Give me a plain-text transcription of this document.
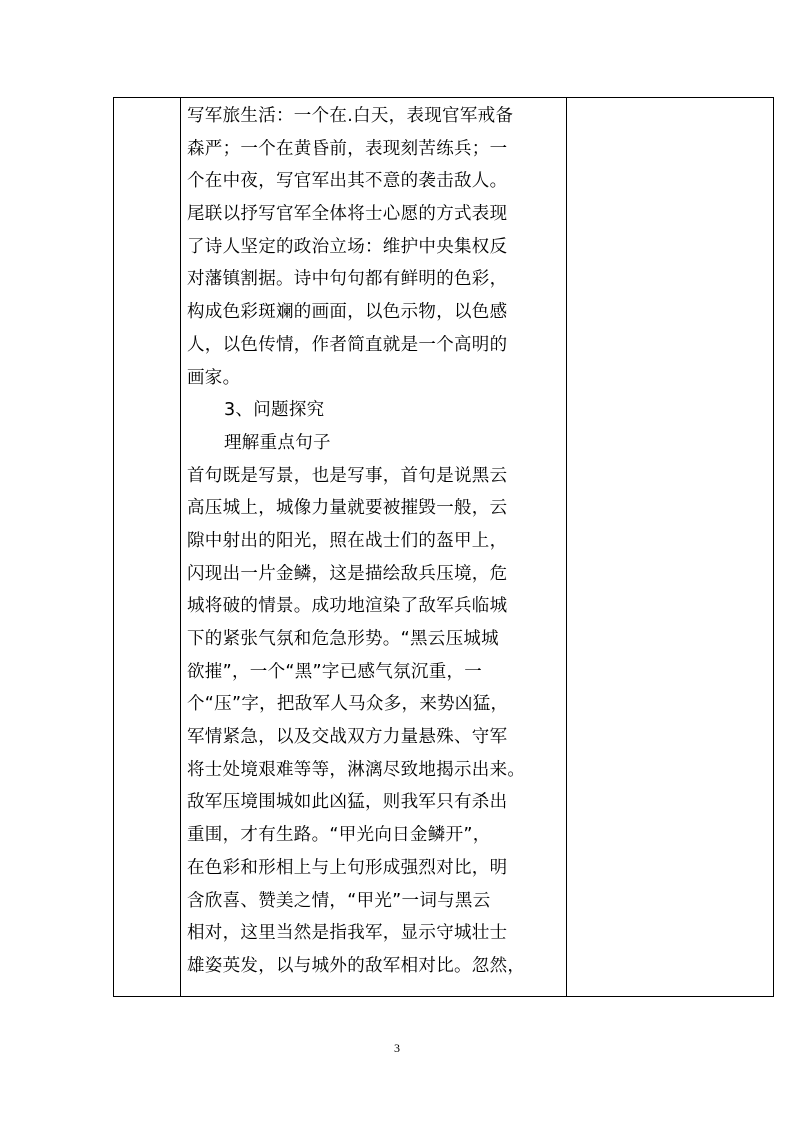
写军旅生活：一个在.白天，表现官军戒备
森严；一个在黄昏前，表现刻苦练兵；一
个在中夜，写官军出其不意的袭击敌人。
尾联以抒写官军全体将士心愿的方式表现
了诗人坚定的政治立场：维护中央集权反
对藩镇割据。诗中句句都有鲜明的色彩，
构成色彩斑斓的画面，以色示物，以色感
人，以色传情，作者简直就是一个高明的
画家。
3、问题探究
理解重点句子
首句既是写景，也是写事，首句是说黑云
高压城上，城像力量就要被摧毁一般，云
隙中射出的阳光，照在战士们的盔甲上，
闪现出一片金鳞，这是描绘敌兵压境，危
城将破的情景。成功地渲染了敌军兵临城
下的紧张气氛和危急形势。“黑云压城城
欲摧”，一个“黑”字已感气氛沉重，一
个“压”字，把敌军人马众多，来势凶猛，
军情紧急，以及交战双方力量悬殊、守军
将士处境艰难等等，淋漓尽致地揭示出来。
敌军压境围城如此凶猛，则我军只有杀出
重围，才有生路。“甲光向日金鳞开”，
在色彩和形相上与上句形成强烈对比，明
含欣喜、赞美之情，“甲光”一词与黑云
相对，这里当然是指我军，显示守城壮士
雄姿英发，以与城外的敌军相对比。忽然，

3
